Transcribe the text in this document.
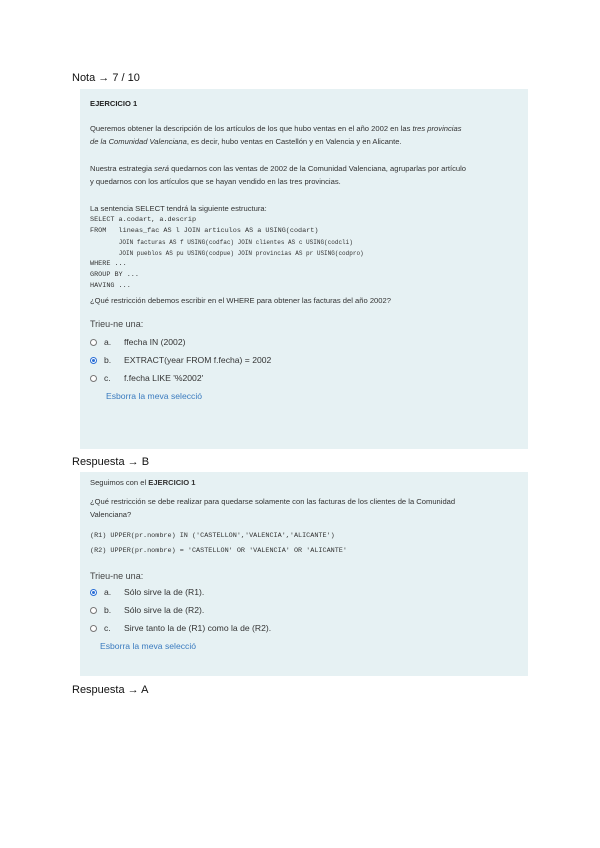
Nota → 7 / 10

EJERCICIO 1

Queremos obtener la descripción de los artículos de los que hubo ventas en el año 2002 en las tres provincias
de la Comunidad Valenciana, es decir, hubo ventas en Castellón y en Valencia y en Alicante.

Nuestra estrategia será quedarnos con las ventas de 2002 de la Comunidad Valenciana, agruparlas por artículo
y quedarnos con los artículos que se hayan vendido en las tres provincias.

La sentencia SELECT tendrá la siguiente estructura:

SELECT a.codart, a.descrip
FROM   lineas_fac AS l JOIN articulos AS a USING(codart)
JOIN facturas AS f USING(codfac) JOIN clientes AS c USING(codcli)
JOIN pueblos AS pu USING(codpue) JOIN provincias AS pr USING(codpro)
WHERE ...
GROUP BY ...
HAVING ...

¿Qué restricción debemos escribir en el WHERE para obtener las facturas del año 2002?

Trieu-ne una:

a.	ffecha IN (2002)
b.	EXTRACT(year FROM f.fecha) = 2002
c.	f.fecha LIKE '%2002'

Esborra la meva selecció

Respuesta → B

Seguimos con el EJERCICIO 1

¿Qué restricción se debe realizar para quedarse solamente con las facturas de los clientes de la Comunidad
Valenciana?

(R1) UPPER(pr.nombre) IN ('CASTELLON','VALENCIA','ALICANTE')
(R2) UPPER(pr.nombre) = 'CASTELLON' OR 'VALENCIA' OR 'ALICANTE'

Trieu-ne una:

a.	Sólo sirve la de (R1).
b.	Sólo sirve la de (R2).
c.	Sirve tanto la de (R1) como la de (R2).

Esborra la meva selecció

Respuesta → A
